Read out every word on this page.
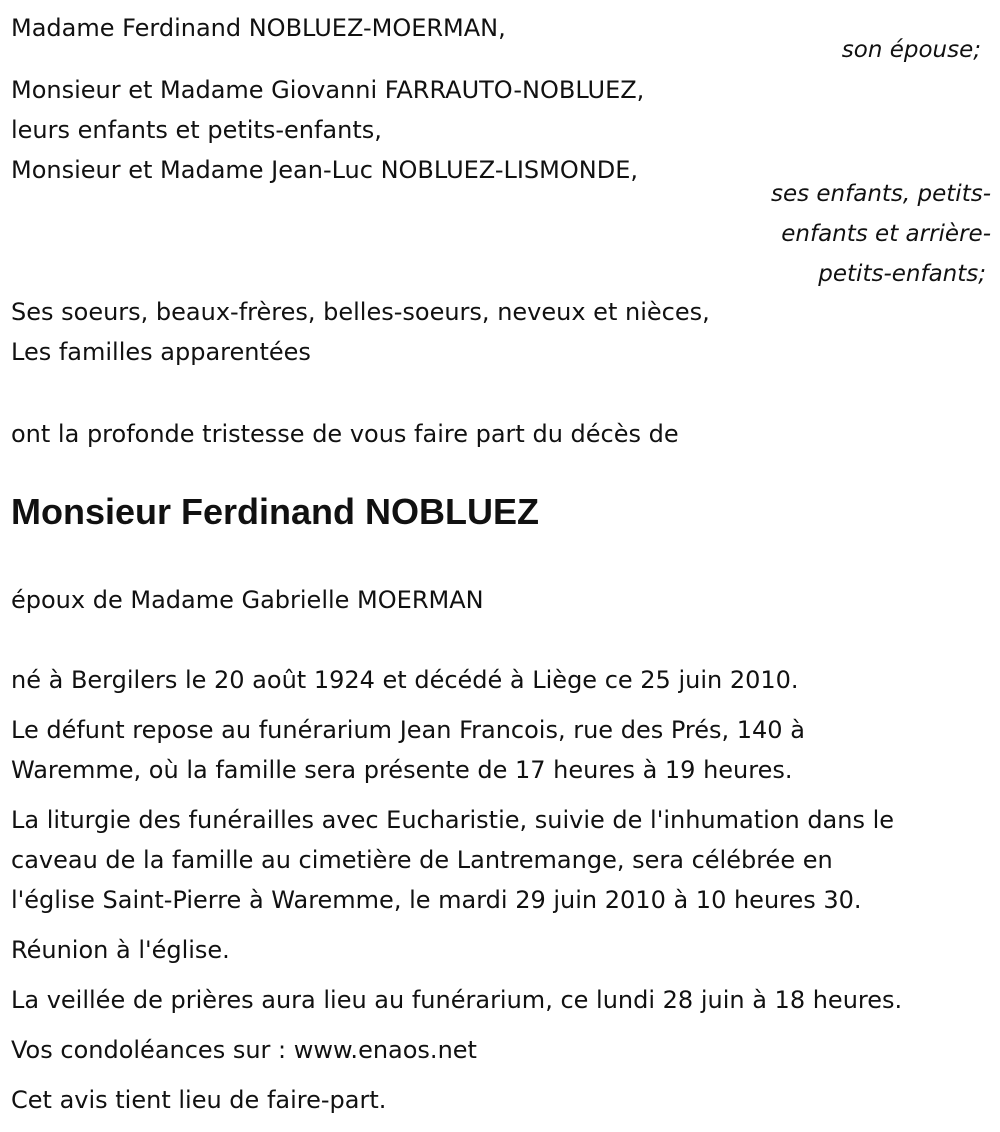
Madame Ferdinand NOBLUEZ-MOERMAN,

son épouse;

Monsieur et Madame Giovanni FARRAUTO-NOBLUEZ,

leurs enfants et petits-enfants,

Monsieur et Madame Jean-Luc NOBLUEZ-LISMONDE,

ses enfants, petits-

enfants et arrière-

petits-enfants;

Ses soeurs, beaux-frères, belles-soeurs, neveux et nièces,

Les familles apparentées

ont la profonde tristesse de vous faire part du décès de

Monsieur Ferdinand NOBLUEZ

époux de Madame Gabrielle MOERMAN

né à Bergilers le 20 août 1924 et décédé à Liège ce 25 juin 2010.

Le défunt repose au funérarium Jean Francois, rue des Prés, 140 à

Waremme, où la famille sera présente de 17 heures à 19 heures.

La liturgie des funérailles avec Eucharistie, suivie de l'inhumation dans le

caveau de la famille au cimetière de Lantremange, sera célébrée en

l'église Saint-Pierre à Waremme, le mardi 29 juin 2010 à 10 heures 30.

Réunion à l'église.

La veillée de prières aura lieu au funérarium, ce lundi 28 juin à 18 heures.

Vos condoléances sur : www.enaos.net

Cet avis tient lieu de faire-part.
